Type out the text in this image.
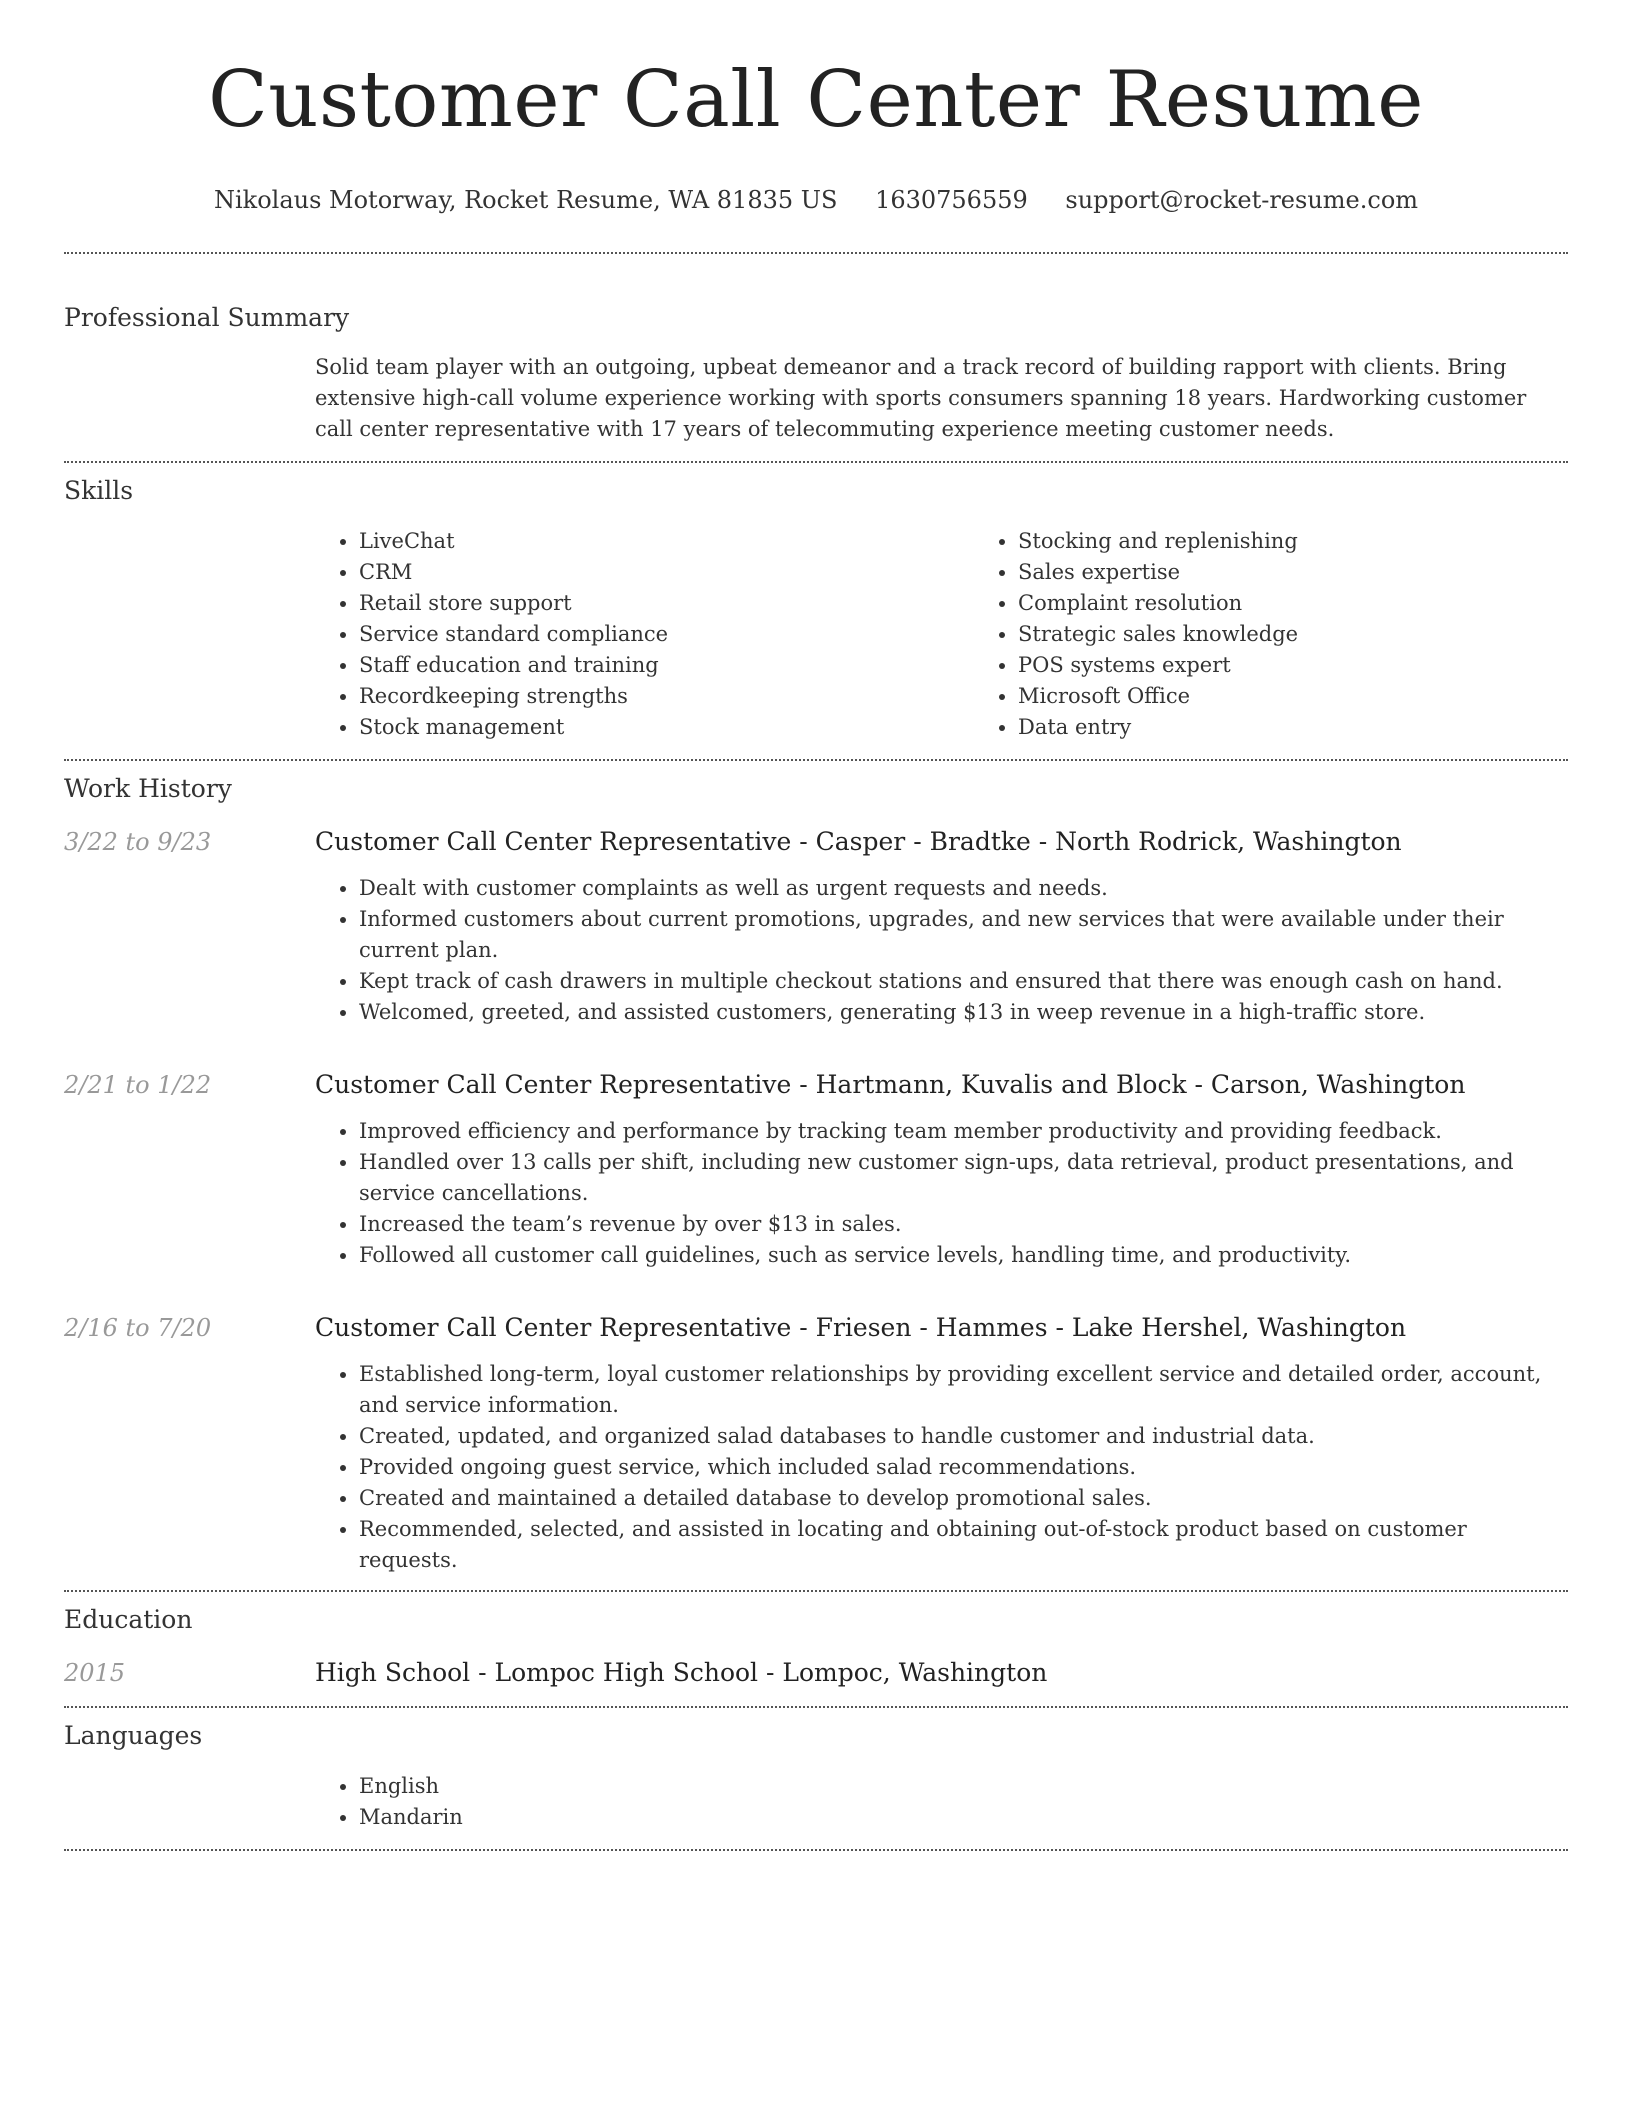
Customer Call Center Resume
Nikolaus Motorway, Rocket Resume, WA 81835 US 1630756559 support@rocket-resume.com
Professional Summary

Solid team player with an outgoing, upbeat demeanor and a track record of building rapport with clients. Bring extensive high-call volume experience working with sports consumers spanning 18 years. Hardworking customer call center representative with 17 years of telecommuting experience meeting customer needs.

Skills
• LiveChat
• CRM
• Retail store support
• Service standard compliance
• Staff education and training
• Recordkeeping strengths
• Stock management
• Stocking and replenishing
• Sales expertise
• Complaint resolution
• Strategic sales knowledge
• POS systems expert
• Microsoft Office
• Data entry
Work History
3/22 to 9/23	Customer Call Center Representative - Casper - Bradtke - North Rodrick, Washington
• Dealt with customer complaints as well as urgent requests and needs.
• Informed customers about current promotions, upgrades, and new services that were available under their current plan.
• Kept track of cash drawers in multiple checkout stations and ensured that there was enough cash on hand.
• Welcomed, greeted, and assisted customers, generating $13 in weep revenue in a high-traffic store.
2/21 to 1/22	Customer Call Center Representative - Hartmann, Kuvalis and Block - Carson, Washington
• Improved efficiency and performance by tracking team member productivity and providing feedback.
• Handled over 13 calls per shift, including new customer sign-ups, data retrieval, product presentations, and service cancellations.
• Increased the team’s revenue by over $13 in sales.
• Followed all customer call guidelines, such as service levels, handling time, and productivity.
2/16 to 7/20	Customer Call Center Representative - Friesen - Hammes - Lake Hershel, Washington
• Established long-term, loyal customer relationships by providing excellent service and detailed order, account, and service information.
• Created, updated, and organized salad databases to handle customer and industrial data.
• Provided ongoing guest service, which included salad recommendations.
• Created and maintained a detailed database to develop promotional sales.
• Recommended, selected, and assisted in locating and obtaining out-of-stock product based on customer requests.
Education
2015	High School - Lompoc High School - Lompoc, Washington
Languages
• English
• Mandarin
